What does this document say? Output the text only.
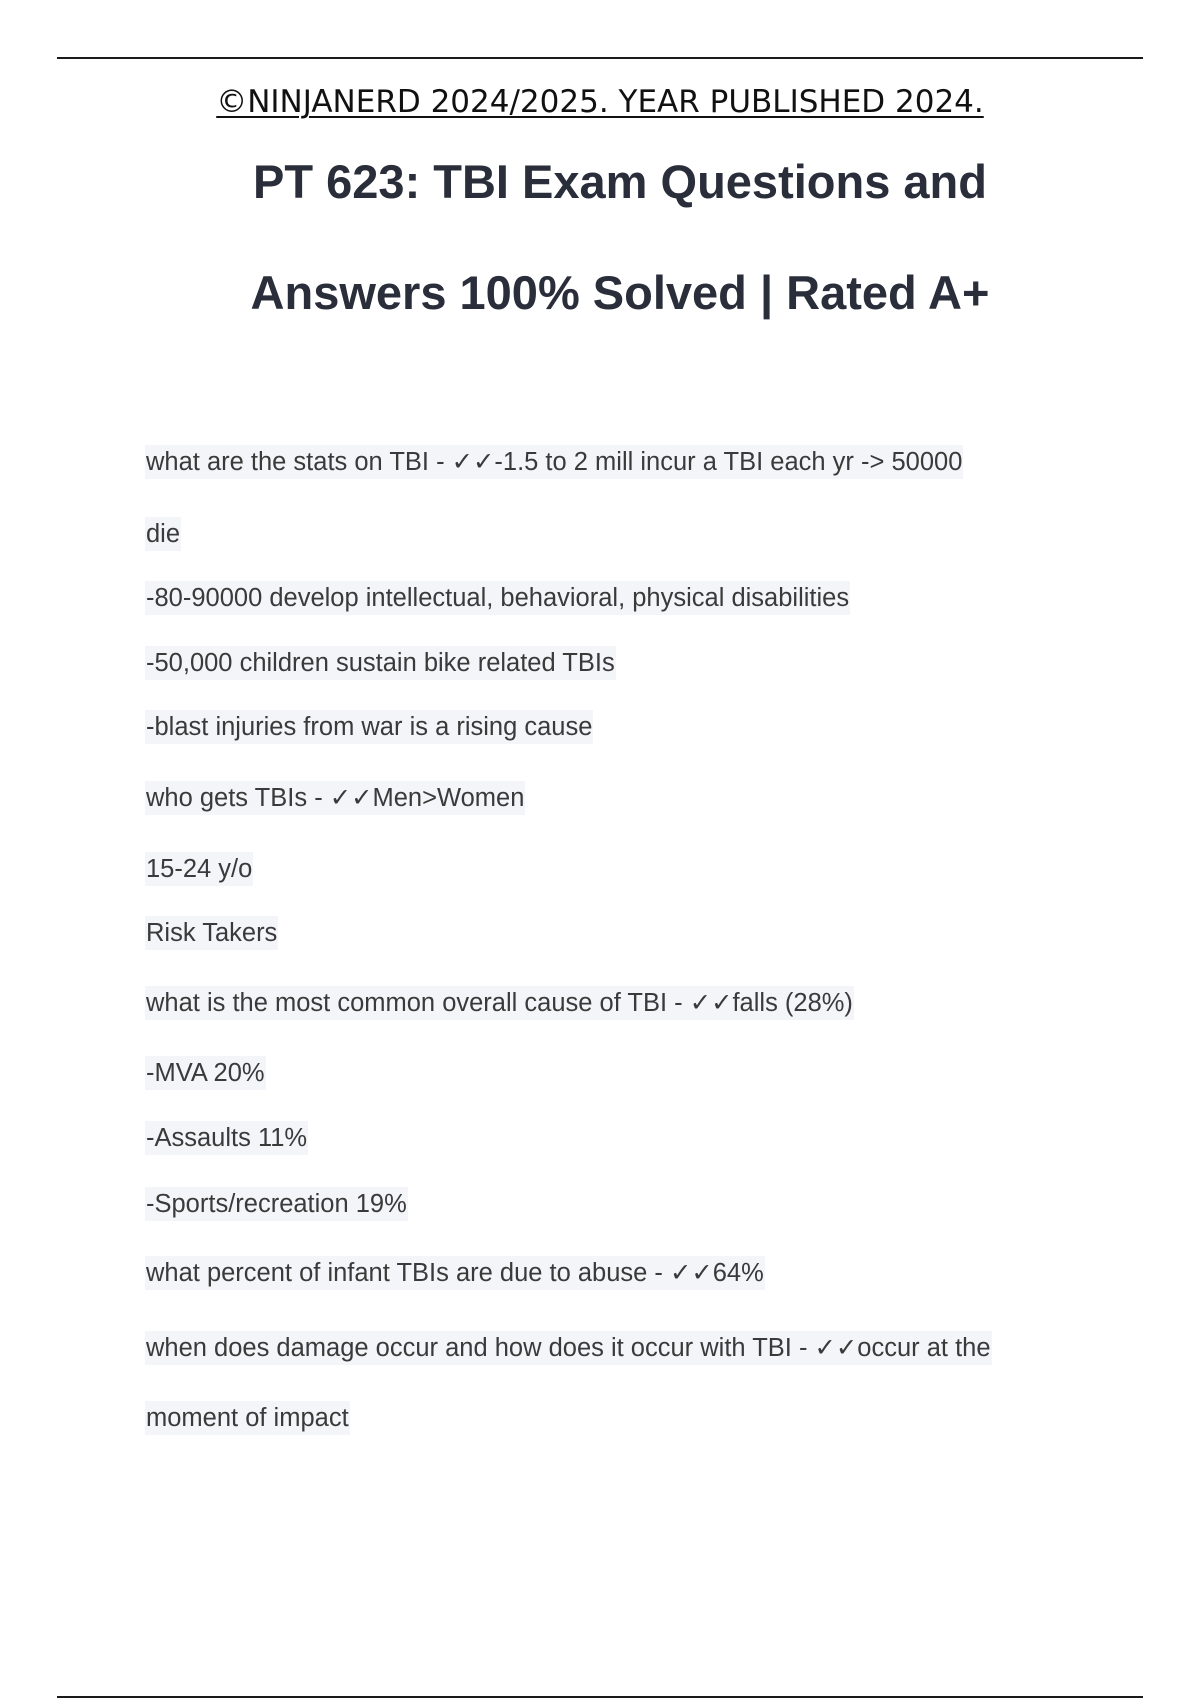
©NINJANERD 2024/2025. YEAR PUBLISHED 2024.
PT 623: TBI Exam Questions and
Answers 100% Solved | Rated A+
what are the stats on TBI - ✓✓-1.5 to 2 mill incur a TBI each yr -> 50000
die
-80-90000 develop intellectual, behavioral, physical disabilities
-50,000 children sustain bike related TBIs
-blast injuries from war is a rising cause
who gets TBIs - ✓✓Men>Women
15-24 y/o
Risk Takers
what is the most common overall cause of TBI - ✓✓falls (28%)
-MVA 20%
-Assaults 11%
-Sports/recreation 19%
what percent of infant TBIs are due to abuse - ✓✓64%
when does damage occur and how does it occur with TBI - ✓✓occur at the
moment of impact
